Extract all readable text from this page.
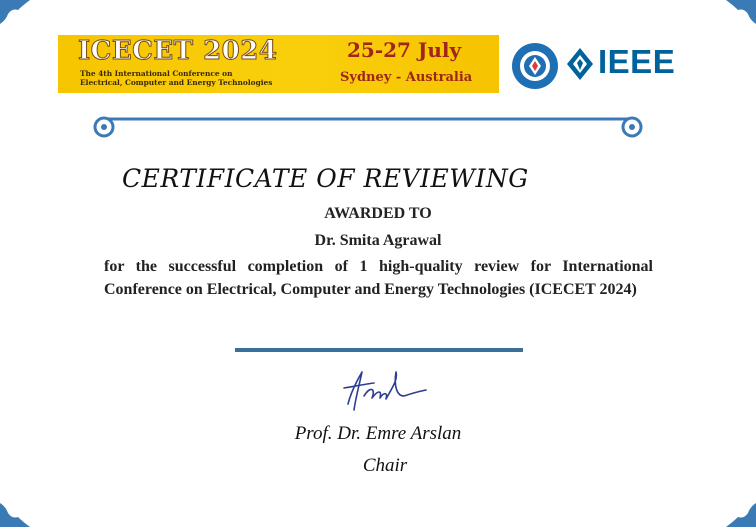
ICECET 2024
The 4th International Conference on
Electrical, Computer and Energy Technologies
25-27 July
Sydney - Australia	IEEE
CERTIFICATE OF REVIEWING
AWARDED TO
Dr. Smita Agrawal
for the successful completion of 1 high-quality review for International Conference on Electrical, Computer and Energy Technologies (ICECET 2024)
Prof. Dr. Emre Arslan
Chair
